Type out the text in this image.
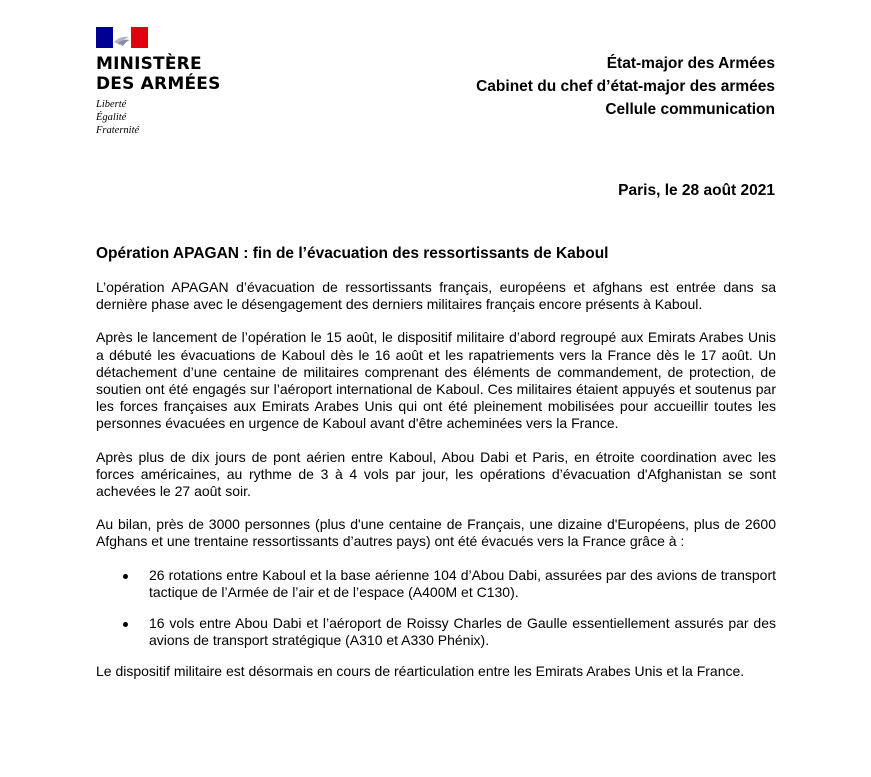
MINISTÈRE
DES ARMÉES
Liberté
Égalité
Fraternité
État-major des Armées
Cabinet du chef d’état-major des armées
Cellule communication
Paris, le 28 août 2021
Opération APAGAN : fin de l’évacuation des ressortissants de Kaboul

L’opération APAGAN d’évacuation de ressortissants français, européens et afghans est entrée dans sa dernière phase avec le désengagement des derniers militaires français encore présents à Kaboul.

Après le lancement de l’opération le 15 août, le dispositif militaire d’abord regroupé aux Emirats Arabes Unis a débuté les évacuations de Kaboul dès le 16 août et les rapatriements vers la France dès le 17 août. Un détachement d’une centaine de militaires comprenant des éléments de commandement, de protection, de soutien ont été engagés sur l’aéroport international de Kaboul. Ces militaires étaient appuyés et soutenus par les forces françaises aux Emirats Arabes Unis qui ont été pleinement mobilisées pour accueillir toutes les personnes évacuées en urgence de Kaboul avant d'être acheminées vers la France.

Après plus de dix jours de pont aérien entre Kaboul, Abou Dabi et Paris, en étroite coordination avec les forces américaines, au rythme de 3 à 4 vols par jour, les opérations d’évacuation d'Afghanistan se sont achevées le 27 août soir.

Au bilan, près de 3000 personnes (plus d'une centaine de Français, une dizaine d'Européens, plus de 2600 Afghans et une trentaine ressortissants d’autres pays) ont été évacués vers la France grâce à :

26 rotations entre Kaboul et la base aérienne 104 d’Abou Dabi, assurées par des avions de transport tactique de l’Armée de l’air et de l’espace (A400M et C130).
16 vols entre Abou Dabi et l’aéroport de Roissy Charles de Gaulle essentiellement assurés par des avions de transport stratégique (A310 et A330 Phénix).

Le dispositif militaire est désormais en cours de réarticulation entre les Emirats Arabes Unis et la France.
